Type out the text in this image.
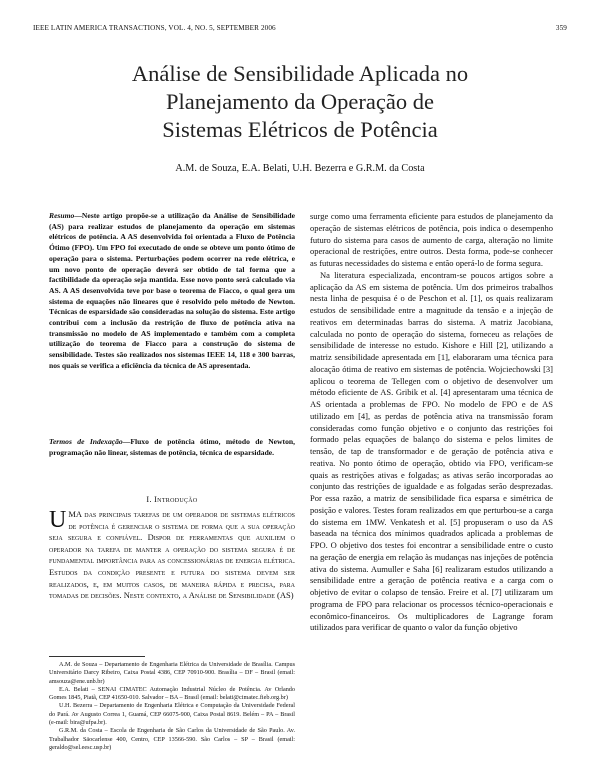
IEEE LATIN AMERICA TRANSACTIONS, VOL. 4, NO. 5, SEPTEMBER 2006	359
Análise de Sensibilidade Aplicada no
Planejamento da Operação de
Sistemas Elétricos de Potência
A.M. de Souza, E.A. Belati, U.H. Bezerra e G.R.M. da Costa
Resumo—Neste artigo propõe-se a utilização da Análise de Sensibilidade (AS) para realizar estudos de planejamento da operação em sistemas elétricos de potência. A AS desenvolvida foi orientada a Fluxo de Potência Ótimo (FPO). Um FPO foi executado de onde se obteve um ponto ótimo de operação para o sistema. Perturbações podem ocorrer na rede elétrica, e um novo ponto de operação deverá ser obtido de tal forma que a factibilidade da operação seja mantida. Esse novo ponto será calculado via AS. A AS desenvolvida teve por base o teorema de Fiacco, o qual gera um sistema de equações não lineares que é resolvido pelo método de Newton. Técnicas de esparsidade são consideradas na solução do sistema. Este artigo contribui com a inclusão da restrição de fluxo de potência ativa na transmissão no modelo de AS implementado e também com a completa utilização do teorema de Fiacco para a construção do sistema de sensibilidade. Testes são realizados nos sistemas IEEE 14, 118 e 300 barras, nos quais se verifica a eficiência da técnica de AS apresentada.
Termos de Indexação—Fluxo de potência ótimo, método de Newton, programação não linear, sistemas de potência, técnica de esparsidade.
I. Introdução
UMA das principais tarefas de um operador de sistemas elétricos de potência é gerenciar o sistema de forma que a sua operação seja segura e confiável. Dispor de ferramentas que auxiliem o operador na tarefa de manter a operação do sistema segura é de fundamental importância para as concessionárias de energia elétrica. Estudos da condição presente e futura do sistema devem ser realizados, e, em muitos casos, de maneira rápida e precisa, para tomadas de decisões. Neste contexto, a Análise de Sensibilidade (AS)

A.M. de Souza – Departamento de Engenharia Elétrica da Universidade de Brasília. Campus Universitário Darcy Ribeiro, Caixa Postal 4386, CEP 70910-900. Brasília – DF – Brasil (email: amsouza@ene.unb.br)

E.A. Belati – SENAI CIMATEC Automação Industrial Núcleo de Potência. Av Orlando Gomes 1845, Piatã, CEP 41650-010. Salvador – BA – Brasil (email: belati@cimatec.fieb.org.br)

U.H. Bezerra – Departamento de Engenharia Elétrica e Computação da Universidade Federal do Pará. Av Augusto Correa 1, Guamá, CEP 66075-900, Caixa Postal 8619. Belém – PA – Brasil (e-mail: bira@ufpa.br).

G.R.M. da Costa – Escola de Engenharia de São Carlos da Universidade de São Paulo. Av. Trabalhador Säocarlense 400, Centro, CEP 13566-590. São Carlos – SP – Brasil (email: geraldo@sel.eesc.usp.br)

surge como uma ferramenta eficiente para estudos de planejamento da operação de sistemas elétricos de potência, pois indica o desempenho futuro do sistema para casos de aumento de carga, alteração no limite operacional de restrições, entre outros. Desta forma, pode-se conhecer as futuras necessidades do sistema e então operá-lo de forma segura.

Na literatura especializada, encontram-se poucos artigos sobre a aplicação da AS em sistema de potência. Um dos primeiros trabalhos nesta linha de pesquisa é o de Peschon et al. [1], os quais realizaram estudos de sensibilidade entre a magnitude da tensão e a injeção de reativos em determinadas barras do sistema. A matriz Jacobiana, calculada no ponto de operação do sistema, forneceu as relações de sensibilidade de interesse no estudo. Kishore e Hill [2], utilizando a matriz sensibilidade apresentada em [1], elaboraram uma técnica para alocação ótima de reativo em sistemas de potência. Wojciechowski [3] aplicou o teorema de Tellegen com o objetivo de desenvolver um método eficiente de AS. Gribik et al. [4] apresentaram uma técnica de AS orientada a problemas de FPO. No modelo de FPO e de AS utilizado em [4], as perdas de potência ativa na transmissão foram consideradas como função objetivo e o conjunto das restrições foi formado pelas equações de balanço do sistema e pelos limites de tensão, de tap de transformador e de geração de potência ativa e reativa. No ponto ótimo de operação, obtido via FPO, verificam-se quais as restrições ativas e folgadas; as ativas serão incorporadas ao conjunto das restrições de igualdade e as folgadas serão desprezadas. Por essa razão, a matriz de sensibilidade fica esparsa e simétrica de posição e valores. Testes foram realizados em que perturbou-se a carga do sistema em 1MW. Venkatesh et al. [5] propuseram o uso da AS baseada na técnica dos mínimos quadrados aplicada a problemas de FPO. O objetivo dos testes foi encontrar a sensibilidade entre o custo na geração de energia em relação às mudanças nas injeções de potência ativa do sistema. Aumuller e Saha [6] realizaram estudos utilizando a sensibilidade entre a geração de potência reativa e a carga com o objetivo de evitar o colapso de tensão. Freire et al. [7] utilizaram um programa de FPO para relacionar os processos técnico-operacionais e econômico-financeiros. Os multiplicadores de Lagrange foram utilizados para verificar de quanto o valor da função objetivo
